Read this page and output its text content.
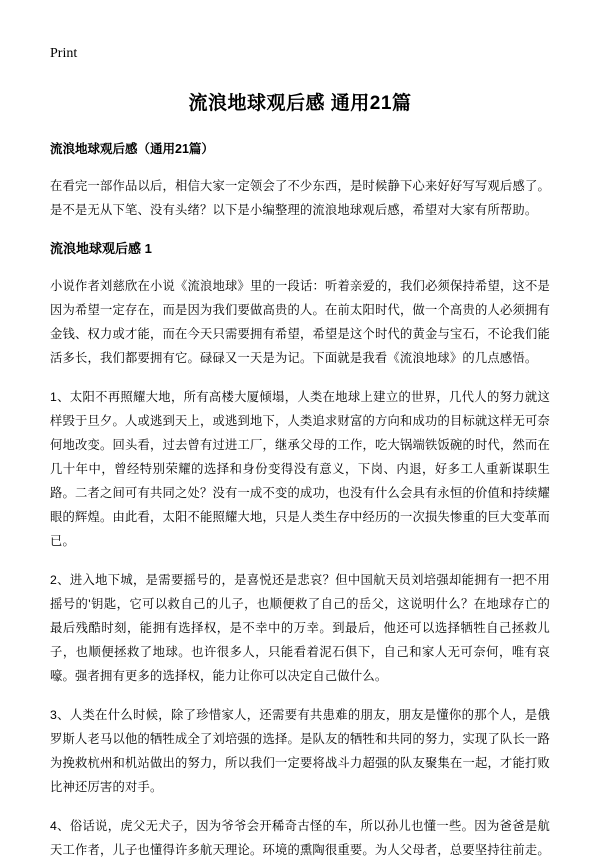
Print
流浪地球观后感 通用21篇

流浪地球观后感（通用21篇）

在看完一部作品以后，相信大家一定领会了不少东西，是时候静下心来好好写写观后感了。是不是无从下笔、没有头绪？以下是小编整理的流浪地球观后感，希望对大家有所帮助。

流浪地球观后感 1

小说作者刘慈欣在小说《流浪地球》里的一段话：听着亲爱的，我们必须保持希望，这不是因为希望一定存在，而是因为我们要做高贵的人。在前太阳时代，做一个高贵的人必须拥有金钱、权力或才能，而在今天只需要拥有希望，希望是这个时代的黄金与宝石，不论我们能活多长，我们都要拥有它。碌碌又一天是为记。下面就是我看《流浪地球》的几点感悟。

1、太阳不再照耀大地，所有高楼大厦倾塌，人类在地球上建立的世界，几代人的努力就这样毁于旦夕。人或逃到天上，或逃到地下，人类追求财富的方向和成功的目标就这样无可奈何地改变。回头看，过去曾有过进工厂，继承父母的工作，吃大锅端铁饭碗的时代，然而在几十年中，曾经特别荣耀的选择和身份变得没有意义，下岗、内退，好多工人重新谋职生路。二者之间可有共同之处？没有一成不变的成功，也没有什么会具有永恒的价值和持续耀眼的辉煌。由此看，太阳不能照耀大地，只是人类生存中经历的一次损失惨重的巨大变革而已。

2、进入地下城，是需要摇号的，是喜悦还是悲哀？但中国航天员刘培强却能拥有一把不用摇号的'钥匙，它可以救自己的儿子，也顺便救了自己的岳父，这说明什么？在地球存亡的最后残酷时刻，能拥有选择权，是不幸中的万幸。到最后，他还可以选择牺牲自己拯救儿子，也顺便拯救了地球。也许很多人，只能看着泥石俱下，自己和家人无可奈何，唯有哀嚎。强者拥有更多的选择权，能力让你可以决定自己做什么。

3、人类在什么时候，除了珍惜家人，还需要有共患难的朋友，朋友是懂你的那个人，是俄罗斯人老马以他的牺牲成全了刘培强的选择。是队友的牺牲和共同的努力，实现了队长一路为挽救杭州和机站做出的努力，所以我们一定要将战斗力超强的队友聚集在一起，才能打败比神还厉害的对手。

4、俗话说，虎父无犬子，因为爷爷会开稀奇古怪的车，所以孙儿也懂一些。因为爸爸是航天工作者，儿子也懂得许多航天理论。环境的熏陶很重要。为人父母者，总要坚持往前走。
